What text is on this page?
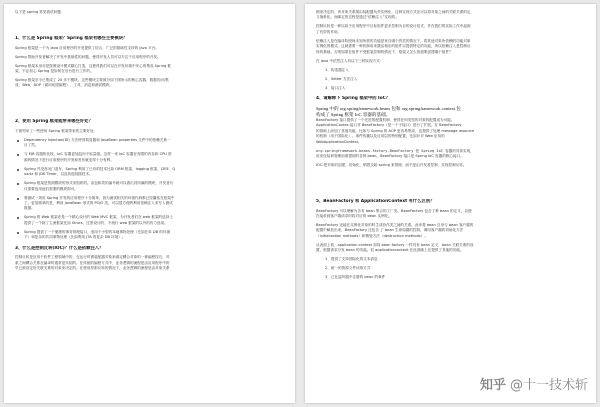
以下是 spring 常见面试问题：
1、什么是 Spring 框架？Spring 框架有哪些主要模块？
Spring 框架是一个为 Java 应用程序的开发提供了综合、广泛的基础性支持的 Java 平台。
Spring 帮助开发者解决了开发中基础性的问题，使得开发人员可以专注于应用程序的开发。
Spring 框架本身亦是按照设计模式精心打造，这使得我们可以在开发环境中安心的集成 Spring 框
架，不必担心 Spring 是如何在后台进行工作的。
Spring 框架至今已集成了 20 多个模块。这些模块主要被分如下图所示的核心容器、数据访问/集
成、Web、AOP（面向切面编程）、工具、消息和测试模块。
2、使用 Spring 框架能带来哪些好处？
下面列举了一些使用 Spring 框架带来的主要好处：
Dependency Injection(DI) 方法使得构造器和 JavaBean properties 文件中的依赖关系一
目了然。
与 EJB 容器相比较，IoC 容器更加趋向于轻量级。这样一来 IoC 容器在有限的内存和 CPU 资
源的情况下进行应用程序的开发和发布就变得十分有利。
Spring 并没有闭门造车，Spring 利用了已有的技术比如 ORM 框架、logging 框架、J2EE、Q
uartz 和 JDK Timer，以及其他视图技术。
Spring 框架是按照模块的形式来组织的。由包和类的编号就可以看出其所属的模块，开发者仅
仅需要选用他们需要的模块即可。
要测试一项用 Spring 开发的应用程序十分简单，因为测试相关的环境代码都已经囊括在框架中
了。更加简单的是，利用 JavaBean 形式的 POJO 类，可以很方便的利用依赖注入来写入测试
数据。
Spring 的 Web 框架亦是一个精心设计的 Web MVC 框架，为开发者们在 web 框架的选择上
提供了一个除了主流框架比如 Struts、过度设计的、不流行 web 框架的以外的有力选项。
Spring 提供了一个便捷的事务管理接口，适用于小型的本地事物处理（比如在单 DB 的环境
下）和复杂的共同事物处理（比如利用 JTA 的复杂 DB 环境）。
3、什么是控制反转(IOC)？什么是依赖注入？
控制反转是应用于软件工程领域中的，在运行时被装配器对象来绑定耦合对象的一种编程技巧，对
象之间耦合关系在编译时通常是未知的。在传统的编程方式中，业务逻辑的流程是由应用程序中的
早已被设定好关联关系的对象来决定的。在使用控制反转的情况下，业务逻辑的流程是由对象关系
图来决定的，该对象关系图由装配器负责实例化，这种实现方式还可以将对象之间的关联关系的定
义抽象化。而绑定的过程是通过“依赖注入”实现的。
控制反转是一种以给予应用程序中目标组件更多控制为目的设计范式，并在我们的实际工作中起到
了有效的作用。
依赖注入是在编译阶段尚未知所需的功能是来自哪个的类的情况下，将其他对象所依赖的功能对象
实例化的模式。这就需要一种机制用来激活相应的组件以提供特定的功能，所以依赖注入是控制反
转的基础。否则如果在组件不受框架控制的情况下，框架又怎么知道要创建哪个组件？
在 Java 中依然注入有以下三种实现方式：
1、构造器注入
2、Setter 方法注入
3、接口注入
4、请解释下 Spring 框架中的 IoC？
Spring 中的 org.springframework.beans 包和 org.springframework.context 包
构成了 Spring 框架 IoC 容器的基础。
BeanFactory 接口提供了一个先进的配置机制，使得任何类型的对象的配置成为可能。
ApplicationContex 接口对 BeanFactory（是一个子接口）进行了扩展，在 BeanFactory
的基础上添加了其他功能，比如与 Spring 的 AOP 更容易集成，也提供了处理 message resource
的机制（用于国际化）、事件传播以及应用层的特别配置，比如针对 Web 应用的
WebApplicationContext。
org.springframework.beans.factory.BeanFactory 是 Spring IoC 容器的具体实现，
用来包装和管理前面提到的各种 bean。BeanFactory 接口是 Spring IoC 容器的核心接口。
IOC:把对象的创建、初始化、销毁交给 spring 来管理，而不是由开发者控制，实现控制反转。
5、BeanFactory 和 ApplicationContext 有什么区别？
BeanFactory 可以理解为含有 bean 集合的工厂类。BeanFactory 包含了种 bean 的定义，以便
在接收到客户端请求时将对应的 bean 实例化。
BeanFactory 还能在实例化对象的时生成协作类之间的关系。此举将 bean 自身与 bean 客户端的
配置中解放出来。BeanFactory 还包含 了 bean 生命周期的控制，调用客户端的初始化方法
（initialization methods）和销毁方法（destruction methods）。
从表面上看，application context 如同 bean factory 一样具有 bean 定义、bean 关联关系的设
置，根据请求分发 bean 的功能。但 applicationcontext 在此基础上还提供了其他的功能。
1、提供了支持国际化的文本消息
2、统一的资源文件读取方式
3、已在监听器中注册的 bean 的事件
知乎 @十一技术斩
